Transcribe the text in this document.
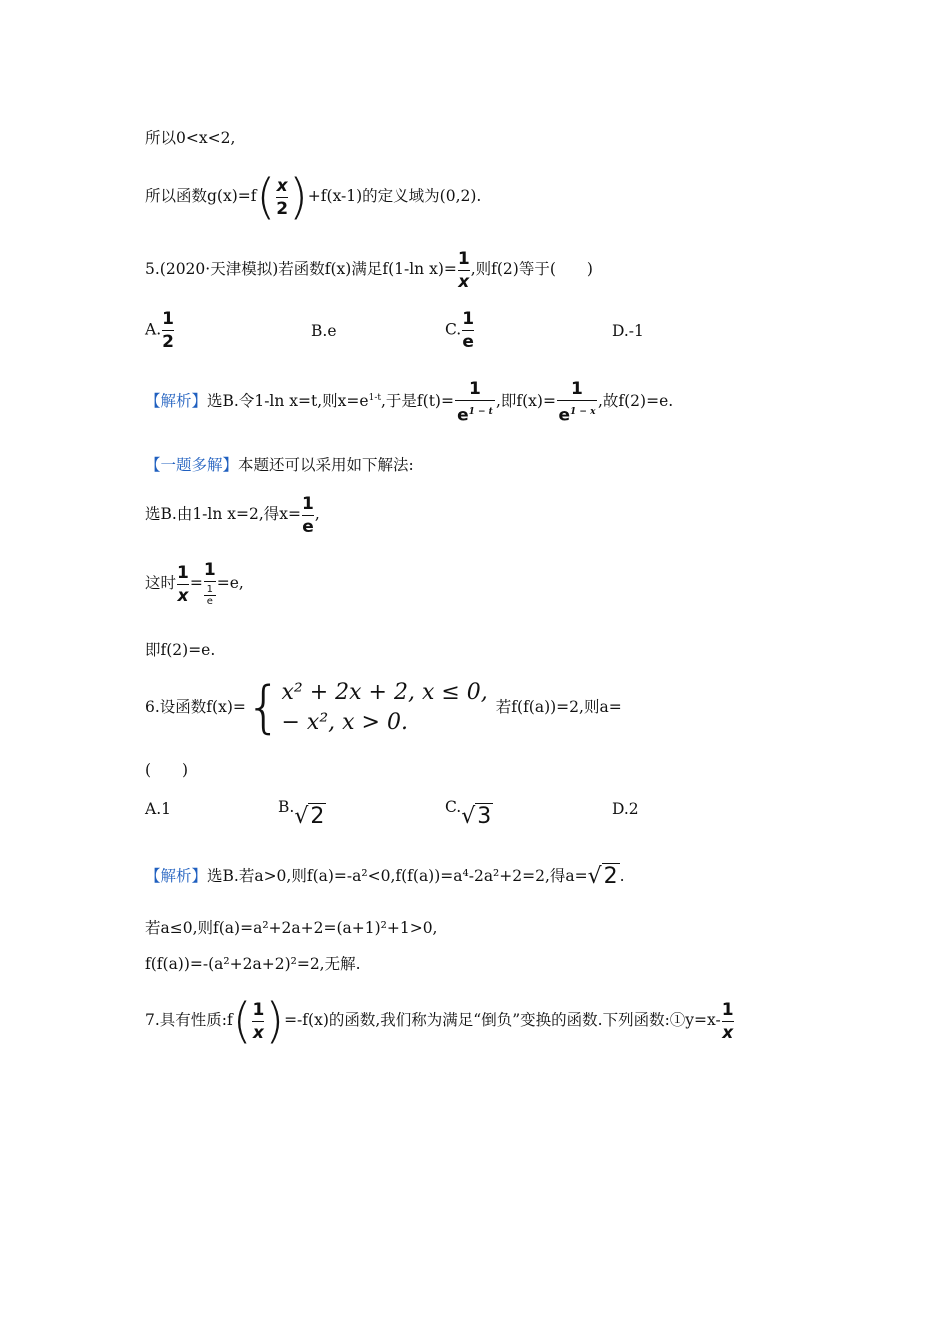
所以0<x<2,
所以函数$g(x)=f( \frac{x}{2} )+f(x-1)$的定义域为(0,2).
5.(2020·天津模拟)若函数f(x)满足f(1-ln $x)= \frac{1}{x}$ ,则f(2)等于(　　)
A. $\frac{1}{2}$	B.e	C. $\frac{1}{e}$	D.-1
【解析】选B.令1-ln x=t,则$x=e^{1-t}$,于是$f(t)= \frac{1}{e^{1 - t}}$ ,即$f(x)= \frac{1}{e^{1 - x}}$ ,故f(2)=e.
【一题多解】本题还可以采用如下解法:
选B.由1-ln x=2,得$x= \frac{1}{e}$ ,
这时 $\frac{1}{x} = 1$
1
e =e,
即f(2)=e.
6.设函数f(x)={ x² + 2x + 2, x ≤ 0,
− x², x > 0.
若f(f(a))=2,则a=
(　　)
A.1	B.√2	C.√3	D.2
【解析】选B.若a>0,则f(a)=-a²<0,f(f(a))=a⁴-2a²+2=2,得a=√2 .
若a≤0,则f(a)=a²+2a+2=(a+1)²+1>0,
f(f(a))=-(a²+2a+2)²=2,无解.
7.具有性质:f( $\frac{1}{x} )=-f(x)$的函数,我们称为满足“倒负”变换的函数.下列函数:①y=x- $\frac{1}{x}$
